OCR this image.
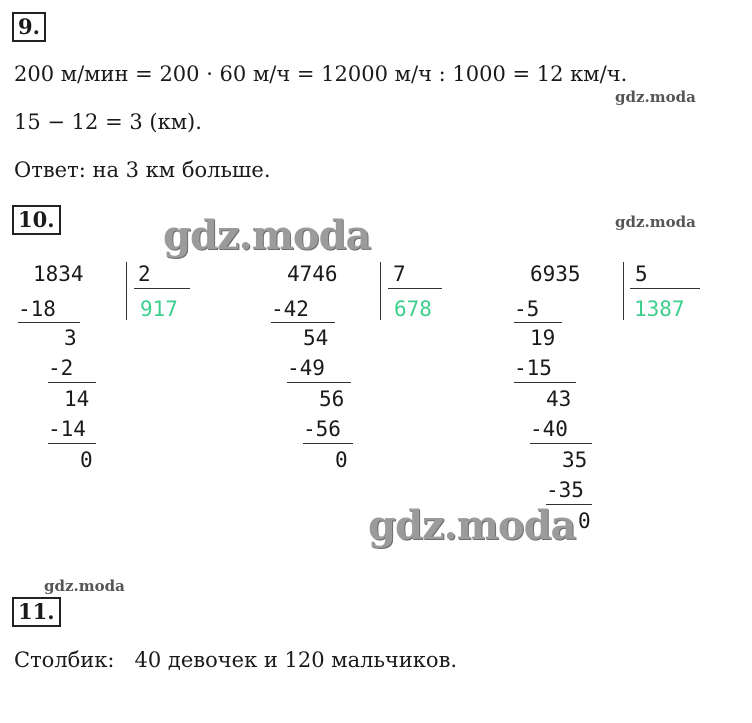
9.
200 м/мин = 200 · 60 м/ч = 12000 м/ч : 1000 = 12 км/ч.
gdz.moda
15 − 12 = 3 (км).
Ответ: на 3 км больше.
10.	gdz.moda	gdz.moda
1834	2
917
-18
3
-2
14
-14
0
4746	7
678
-42
54
-49
56
-56
0
6935	5
1387
-5
19
-15
43
-40
35
-35
0
gdz.moda
gdz.moda
11.
Столбик:   40 девочек и 120 мальчиков.
